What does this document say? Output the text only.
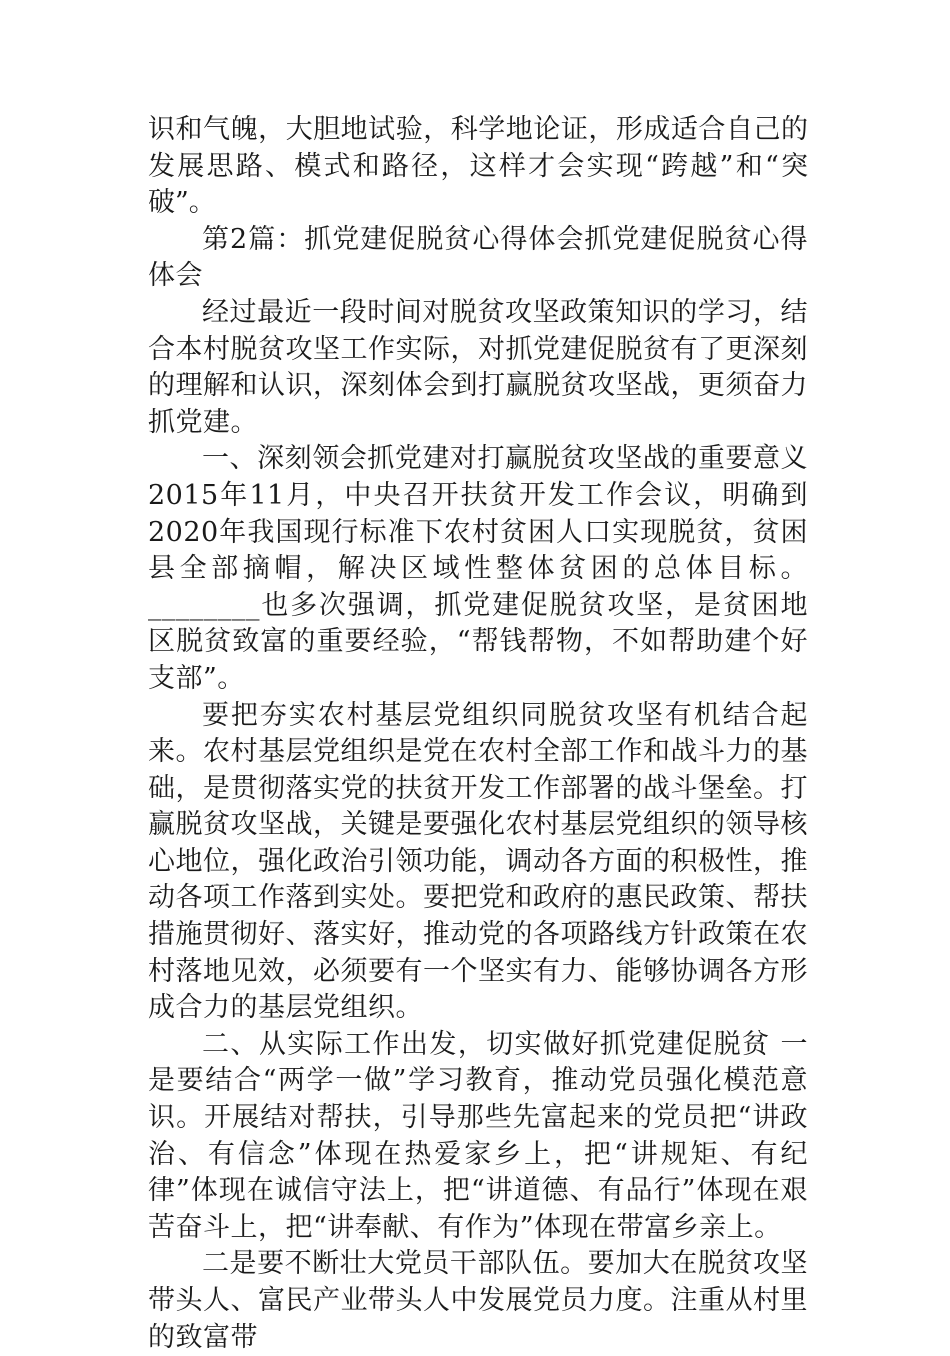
识和气魄，大胆地试验，科学地论证，形成适合自己的发展思路、模式和路径，这样才会实现“跨越”和“突破”。

第2篇：抓党建促脱贫心得体会抓党建促脱贫心得体会

经过最近一段时间对脱贫攻坚政策知识的学习，结合本村脱贫攻坚工作实际，对抓党建促脱贫有了更深刻的理解和认识，深刻体会到打赢脱贫攻坚战，更须奋力抓党建。

一、深刻领会抓党建对打赢脱贫攻坚战的重要意义 2015年11月，中央召开扶贫开发工作会议，明确到2020年我国现行标准下农村贫困人口实现脱贫，贫困县全部摘帽，解决区域性整体贫困的总体目标。________也多次强调，抓党建促脱贫攻坚，是贫困地区脱贫致富的重要经验，“帮钱帮物，不如帮助建个好支部”。

要把夯实农村基层党组织同脱贫攻坚有机结合起来。农村基层党组织是党在农村全部工作和战斗力的基础，是贯彻落实党的扶贫开发工作部署的战斗堡垒。打赢脱贫攻坚战，关键是要强化农村基层党组织的领导核心地位，强化政治引领功能，调动各方面的积极性，推动各项工作落到实处。要把党和政府的惠民政策、帮扶措施贯彻好、落实好，推动党的各项路线方针政策在农村落地见效，必须要有一个坚实有力、能够协调各方形成合力的基层党组织。

二、从实际工作出发，切实做好抓党建促脱贫 一是要结合“两学一做”学习教育，推动党员强化模范意识。开展结对帮扶，引导那些先富起来的党员把“讲政治、有信念”体现在热爱家乡上，把“讲规矩、有纪律”体现在诚信守法上，把“讲道德、有品行”体现在艰苦奋斗上，把“讲奉献、有作为”体现在带富乡亲上。

二是要不断壮大党员干部队伍。要加大在脱贫攻坚带头人、富民产业带头人中发展党员力度。注重从村里的致富带
